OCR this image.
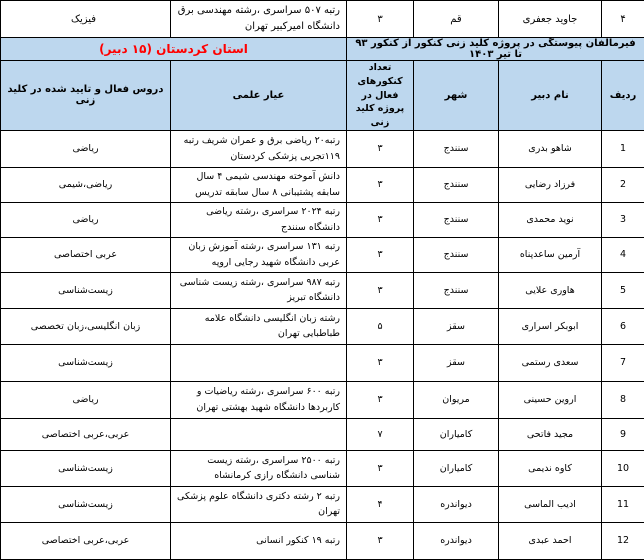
۴	جاوید جعفری	قم	۳	رتبه ۵۰۷ سراسری ،رشته مهندسی برق دانشگاه امیرکبیر تهران	فیزیک
فیرمالفان پیوستگی در پروژه کلید زنی کنکور از کنکور ۹۳ تا تیر ۱۴۰۳				استان کردستان (۱۵ دبیر)	
ردیف	نام دبیر	شهر	تعداد کنکورهای فعال در پروژه کلید زنی	عیار علمی	دروس فعال و تایید شده در کلید زنی
1	شاهو بدری	سنندج	۳	رتبه۲۰ ریاضی برق و عمران شریف رتبه ۱۱۹تجربی پزشکی کردستان	ریاضی
2	فرزاد رضایی	سنندج	۳	دانش آموخته مهندسی شیمی ۴ سال سابقه پشتیبانی ۸ سال سابقه تدریس	ریاضی،شیمی
3	نوید محمدی	سنندج	۳	رتبه ۲۰۲۴ سراسری ،رشته ریاضی دانشگاه سنندج	ریاضی
4	آرمین ساعدپناه	سنندج	۳	رتبه ۱۳۱ سراسری ،رشته آموزش زبان عربی دانشگاه شهید رجایی اروپه	عربی اختصاصی
5	هاوری علایی	سنندج	۳	رتبه ۹۸۷ سراسری ،رشته زیست شناسی دانشگاه تبریز	زیست‌شناسی
6	ابوبکر اسراری	سقز	۵	رشته زبان انگلیسی دانشگاه علامه طباطبایی تهران	زبان انگلیسی،زبان تخصصی
7	سعدی رستمی	سقز	۳		زیست‌شناسی
8	اروین حسینی	مریوان	۳	رتبه ۶۰۰ سراسری ،رشته ریاضیات و کاربردها دانشگاه شهید بهشتی تهران	ریاضی
9	مجید فاتحی	کامیاران	۷		عربی،عربی اختصاصی
10	کاوه ندیمی	کامیاران	۳	رتبه ۲۵۰۰ سراسری ،رشته زیست شناسی دانشگاه رازی کرمانشاه	زیست‌شناسی
11	ادیب الماسی	دیواندره	۴	رتبه ۲ رشته دکتری دانشگاه علوم پزشکی تهران	زیست‌شناسی
12	احمد عبدی	دیواندره	۳	رتبه ۱۹ کنکور انسانی	عربی،عربی اختصاصی
